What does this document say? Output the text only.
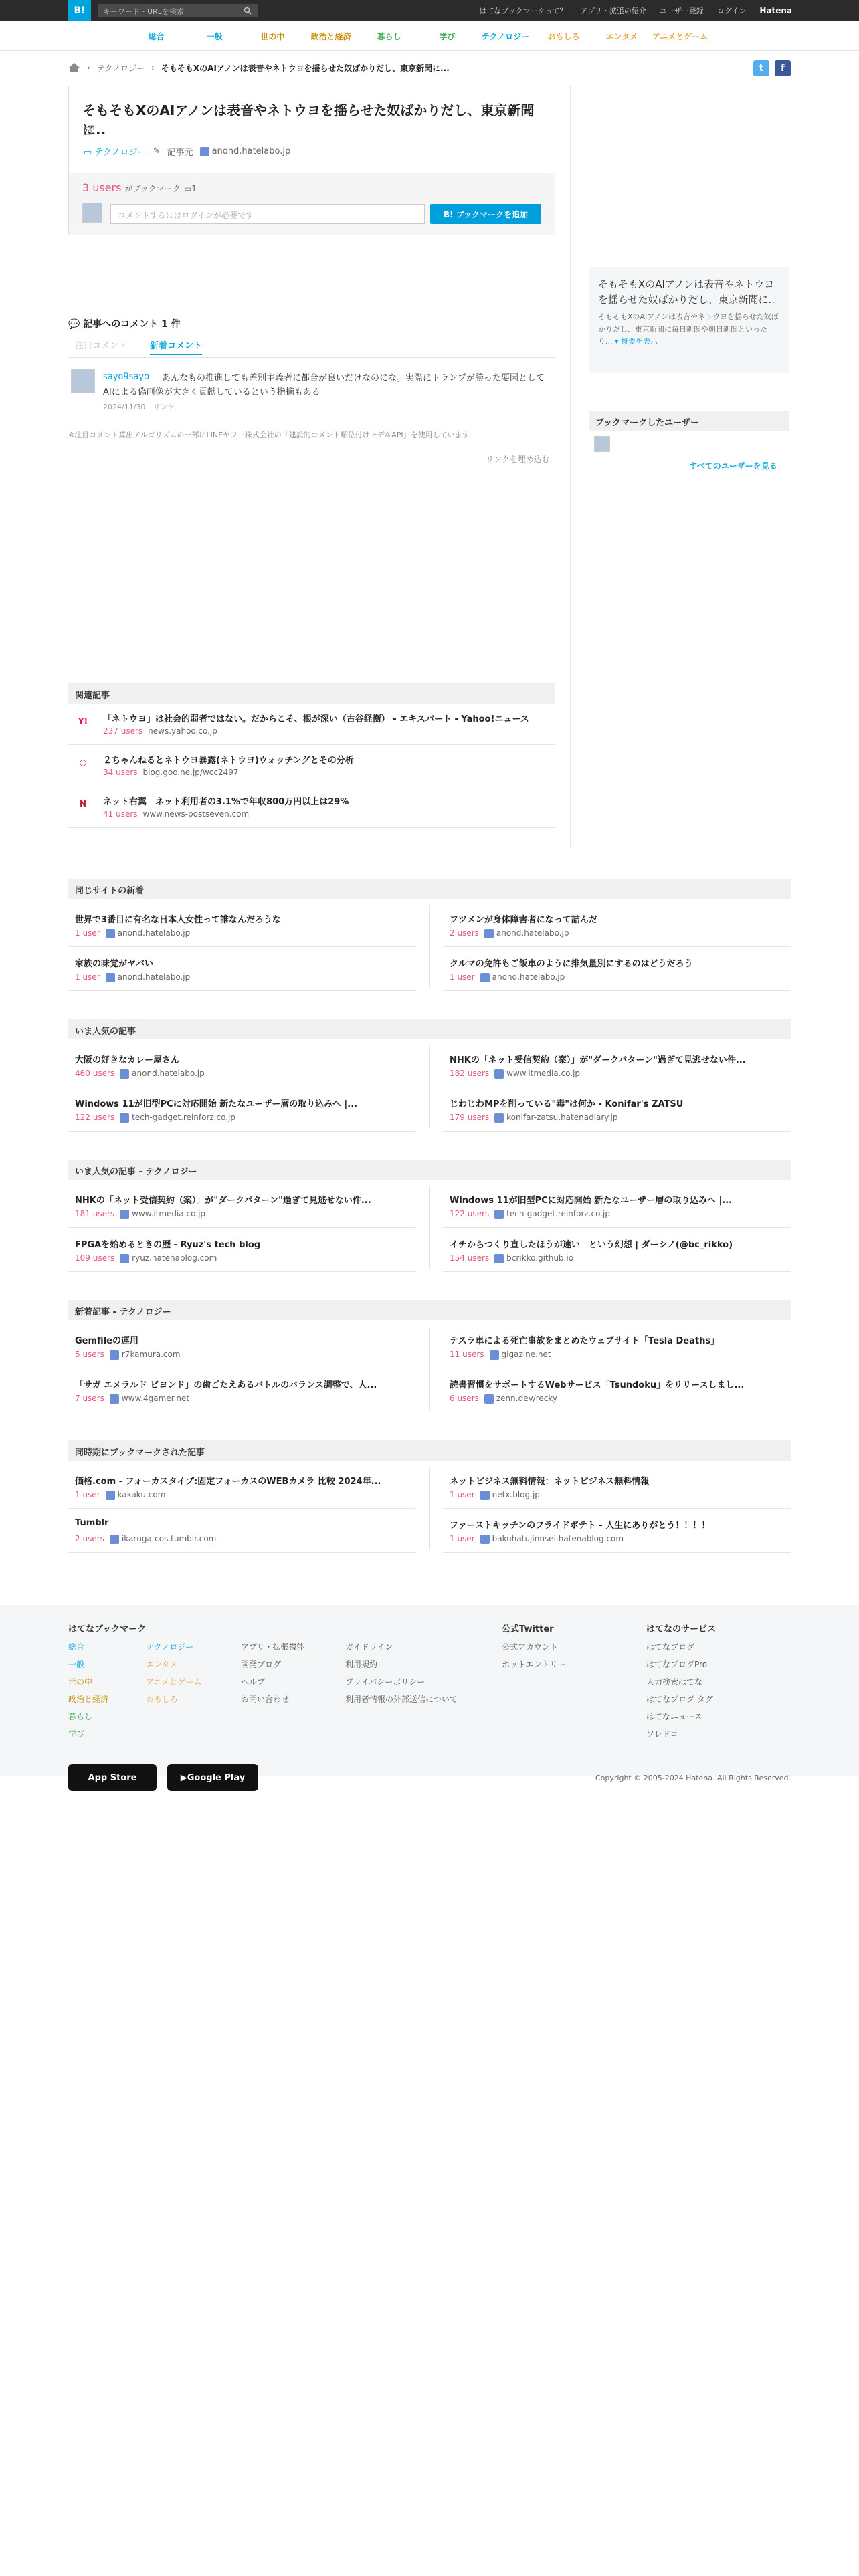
B!	キーワード・URLを検索	はてなブックマークって？ アプリ・拡張の紹介 ユーザー登録 ログイン Hatena
総合	一般	世の中	政治と経済	暮らし	学び	テクノロジー	おもしろ	エンタメ	アニメとゲーム
› テクノロジー › そもそもXのAIアノンは表音やネトウヨを揺らせた奴ばかりだし、東京新聞に...	t	f
そもそもXのAIアノンは表音やネトウヨを揺らせた奴ばかりだし、東京新聞に..
▭ テクノロジー ✎ 記事元	anond.hatelabo.jp
3 users がブックマーク ▭1
コメントするにはログインが必要です	B! ブックマークを追加
そもそもXのAIアノンは表音やネトウヨを揺らせた奴ばかりだし、東京新聞に..
そもそもXのAIアノンは表音やネトウヨを揺らせた奴ばかりだし、東京新聞に毎日新聞や朝日新聞といったり... ▾ 概要を表示
ブックマークしたユーザー
すべてのユーザーを見る
💬 記事へのコメント 1 件
注目コメント	新着コメント
あんなもの推進しても差別主義者に都合が良いだけなのにな。実際にトランプが勝った要因としてAIによる偽画像が大きく貢献しているという指摘もある
sayo9sayo
2024/11/30　 リンク
※注目コメント算出アルゴリズムの一部にLINEヤフー株式会社の「建設的コメント順位付けモデルAPI」を使用しています
リンクを埋め込む
関連記事
Y! 「ネトウヨ」は社会的弱者ではない。だからこそ、根が深い（古谷経衡） - エキスパート - Yahoo!ニュース
237 users news.yahoo.co.jp
◎ ２ちゃんねるとネトウヨ暴露(ネトウヨ)ウォッチングとその分析
34 users blog.goo.ne.jp/wcc2497
N ネット右翼　ネット利用者の3.1%で年収800万円以上は29%
41 users www.news-postseven.com
同じサイトの新着
世界で3番目に有名な日本人女性って誰なんだろうな
1 user anond.hatelabo.jp
フツメンが身体障害者になって詰んだ
2 users anond.hatelabo.jp
家族の味覚がヤバい
1 user anond.hatelabo.jp
クルマの免許もご飯車のように排気量別にするのはどうだろう
1 user anond.hatelabo.jp
いま人気の記事
大阪の好きなカレー屋さん
460 users anond.hatelabo.jp
NHKの「ネット受信契約（案）」が"ダークパターン"過ぎて見逃せない件...
182 users www.itmedia.co.jp
Windows 11が旧型PCに対応開始 新たなユーザー層の取り込みへ |...
122 users tech-gadget.reinforz.co.jp
じわじわMPを削っている"毒"は何か - Konifar's ZATSU
179 users konifar-zatsu.hatenadiary.jp
いま人気の記事 - テクノロジー
NHKの「ネット受信契約（案）」が"ダークパターン"過ぎて見逃せない件...
181 users www.itmedia.co.jp
Windows 11が旧型PCに対応開始 新たなユーザー層の取り込みへ |...
122 users tech-gadget.reinforz.co.jp
FPGAを始めるときの歴 - Ryuz's tech blog
109 users ryuz.hatenablog.com
イチからつくり直したほうが速い　という幻想 | ダーシノ(@bc_rikko)
154 users bcrikko.github.io
新着記事 - テクノロジー
Gemfileの運用
5 users r7kamura.com
テスラ車による死亡事故をまとめたウェブサイト「Tesla Deaths」
11 users gigazine.net
「サガ エメラルド ビヨンド」の歯ごたえあるバトルのバランス調整で、人...
7 users www.4gamer.net
読書習慣をサポートするWebサービス「Tsundoku」をリリースしまし...
6 users zenn.dev/recky
同時期にブックマークされた記事
価格.com - フォーカスタイプ:固定フォーカスのWEBカメラ 比較 2024年...
1 user kakaku.com
ネットビジネス無料情報：ネットビジネス無料情報
1 user netx.blog.jp
Tumblr
2 users ikaruga-cos.tumblr.com
ファーストキッチンのフライドポテト - 人生にありがとう！！！！
1 user bakuhatujinnsei.hatenablog.com
はてなブックマーク
総合
一般
世の中
政治と経済
暮らし
学び
テクノロジー
エンタメ
アニメとゲーム
おもしろ
アプリ・拡張機能
開発ブログ
ヘルプ
お問い合わせ
ガイドライン
利用規約
プライバシーポリシー
利用者情報の外部送信について
公式Twitter
公式アカウント
ホットエントリー
はてなのサービス
はてなブログ
はてなブログPro
人力検索はてな
はてなブログ タグ
はてなニュース
ソレドコ
App Store	▶ Google Play	Copyright © 2005-2024 Hatena. All Rights Reserved.
